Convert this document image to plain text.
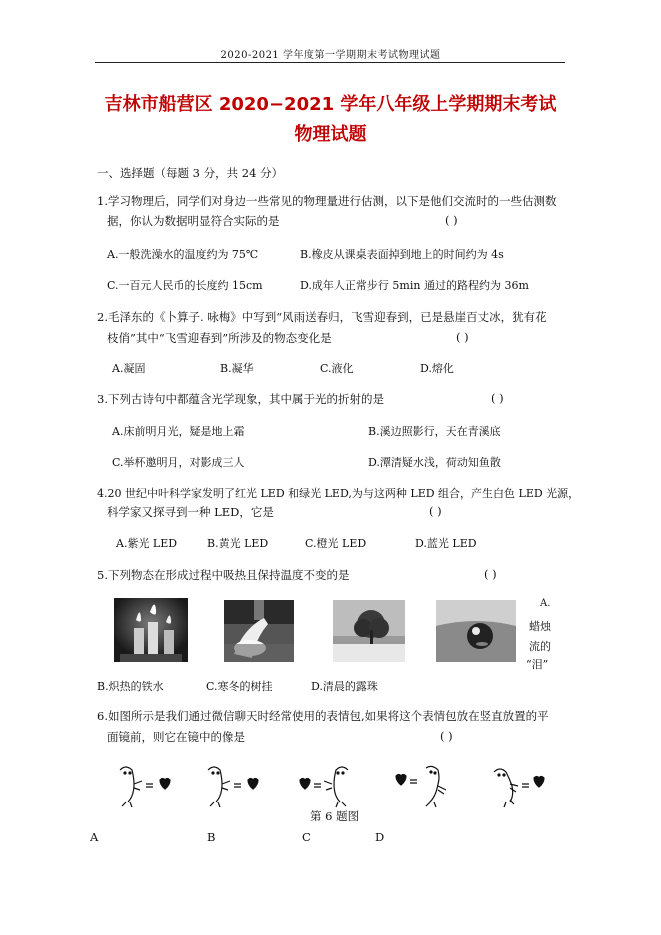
2020-2021 学年度第一学期期末考试物理试题
吉林市船营区 2020−2021 学年八年级上学期期末考试
物理试题
一、选择题（每题 3 分，共 24 分）
1.学习物理后，同学们对身边一些常见的物理量进行估测，以下是他们交流时的一些估测数
据，你认为数据明显符合实际的是	( )
A.一般洗澡水的温度约为 75℃	B.橡皮从课桌表面掉到地上的时间约为 4s
C.一百元人民币的长度约 15cm	D.成年人正常步行 5min 通过的路程约为 36m
2.毛泽东的《卜算子. 咏梅》中写到“风雨送春归，飞雪迎春到，已是悬崖百丈冰，犹有花
枝俏”其中“飞雪迎春到”所涉及的物态变化是	( )
A.凝固	B.凝华	C.液化	D.熔化
3.下列古诗句中都蕴含光学现象，其中属于光的折射的是	( )
A.床前明月光，疑是地上霜	B.溪边照影行，天在青溪底
C.举杯邀明月，对影成三人	D.潭清疑水浅，荷动知鱼散
4.20 世纪中叶科学家发明了红光 LED 和绿光 LED,为与这两种 LED 组合，产生白色 LED 光源，
科学家又探寻到一种 LED，它是	( )
A.紫光 LED	B.黄光 LED	C.橙光 LED	D.蓝光 LED
5.下列物态在形成过程中吸热且保持温度不变的是	( )
A.
蜡烛
流的
“泪”
B.炽热的铁水	C.寒冬的树挂	D.清晨的露珠
6.如图所示是我们通过微信聊天时经常使用的表情包,如果将这个表情包放在竖直放置的平
面镜前，则它在镜中的像是	( )
第 6 题图
A	B	C	D
